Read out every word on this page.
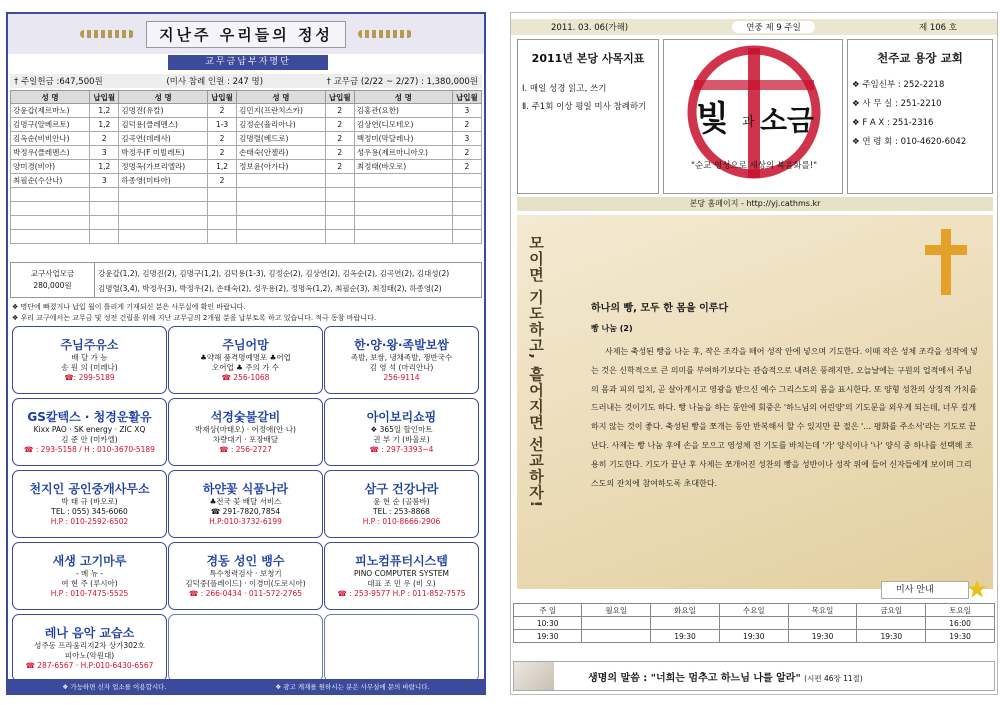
지난주 우리들의 정성
교무금납부자명단
† 주일헌금 :647,500원	(미사 참례 인원 : 247 명)	† 교무금 (2/22 ~ 2/27) : 1,380,000원
성 명	납입월	성 명	납입월	성 명	납입월	성 명	납입월
강윤갑(제르마노)	1,2	김명진(유칼)	2	김민지(프란치스카)	2	김홍관(요한)	3
김명구(알베르토)	1,2	김덕용(클레멘스)	1-3	김정순(율리아나)	2	김상연(디모테오)	2
김옥순(비비안나)	2	김곡연(데레사)	2	김명렬(베드로)	2	백정미(막달레나)	3
박정우(클레멘스)	3	박정우(F 미빌레트)	2	손태숙(안젤라)	2	성우용(제르마니아오)	2
양미경(비아)	1,2	정명옥(가브리엘라)	1,2	정보윤(아가다)	2	최정태(바오로)	2
최필순(수산나)	3	하종영(미타아)	2				

교구사업모금
280,000원
강윤갑(1,2), 김명진(2), 김명구(1,2), 김덕용(1-3), 김정순(2), 김상연(2), 김옥순(2), 김곡연(2), 김대성(2)
김명렬(3,4), 박정우(3), 박정우(2), 손태숙(2), 성우용(2), 정명옥(1,2), 최필순(3), 최정태(2), 하종영(2)
❖ 명단에 빠졌거나 납입 월이 틀리게 기재되신 분은 사무실에 확인 바랍니다.
❖ 우리 교구에서는 교무금 및 성전 건립을 위해 지난 교무금의 2개월 분을 납부토록 하고 있습니다. 적극 동참 바랍니다.
주님주유소
배 달 가 능
송 원 의 (미레나)
☎: 299-5189
주님어망
♣약해 품격명예명포 ♣어업
오어업 ♣ 주의 가 수
☎ 256-1068
한·양·왕·족발보쌈
족발, 보쌈, 냉채족발, 쟁반국수
김 영 석 (마리안나)
256-9114
GS칼텍스 · 청경운활유
Kixx PAO · SK energy · ZIC XQ
김 준 안 (미카엘)
☎ : 293-5158 / H : 010-3670-5189
석경숯불갈비
박재상(마태오) · 어정애(안 나)
차량대기 · 포장배달
☎ : 256-2727
아이보리쇼핑
❖ 365일 할인마트
권 부 기 (바울로)
☎ : 297-3393~4
천지인 공인중개사무소
박 태 규 (바오로)
TEL : 055) 345-6060
H.P : 010-2592-6502
하얀꽃 식품나라
♣전국 꽃 배달 서비스
☎ 291-7820,7854
H.P:010-3732-6199
삼구 건강나라
윤 현 순 (골롬바)
TEL : 253-8868
H.P : 010-8666-2906
새생 고기마루
- 메 뉴 -
여 현 주 (루시아)
H.P : 010-7475-5525
경동 성인 뱅수
특수청력검사 · 보청기
김덕중(플레이드) · 이경미(도로시아)
☎ : 266-0434 · 011-572-2765
피노컴퓨터시스템
PINO COMPUTER SYSTEM
대표 조 민 우 (비 오)
☎ : 253-9577 H.P : 011-852-7575
레나 음악 교습소
성주동 프라움리지2차 상가302호
피아노(악원대)
☎ 287-6567 · H.P:010-6430-6567
❖ 가능하면 신자 업소를 이용합시다.	❖ 광고 게재를 원하시는 분은 사무실에 문의 바랍니다.
2011. 03. 06(가해)	연중 제 9 주일	제 106 호
2011년 본당 사목지표

Ⅰ. 매일 성경 읽고, 쓰기

Ⅱ. 주1회 이상 평일 미사 참례하기 빛 과 소금
"순교 영성으로 세상의 복음화를!"
천주교 용장 교회

❖ 주임신부 : 252-2218

❖ 사 무 실 : 251-2210

❖ F A X : 251-2316

❖ 연 령 회 : 010-4620-6042

본당 홈페이지 - http://yj.cathms.kr
모이면 기도하고, 흩어지면 선교하자!	하나의 빵, 모두 한 몸을 이루다
빵 나눔 (2)
사제는 축성된 빵을 나눈 후, 작은 조각을 떼어 성작 안에 넣으며 기도한다. 이때 작은 성체 조각을 성작에 넣는 것은 신학적으로 큰 의미를 부여하기보다는 관습적으로 내려온 풍례지만, 오늘날에는 구원의 업적에서 주님의 몸과 피의 일치, 곧 살아계시고 영광을 받으신 예수 그리스도의 몸을 표시한다. 또 양형 성찬의 상징적 가치를 드러내는 것이기도 하다. 빵 나눔을 하는 동안에 회중은 '하느님의 어린양'의 기도문을 외우게 되는데, 너무 길게 하지 않는 것이 좋다. 축성된 빵을 쪼개는 동안 반복해서 할 수 있지만 끝 절은 '… 평화를 주소서'라는 기도로 끝난다. 사제는 빵 나눔 후에 손을 모으고 영성체 전 기도를 바치는데 '가' 양식이나 '나' 양식 중 하나를 선택해 조용히 기도한다. 기도가 끝난 후 사제는 쪼개어진 성찬의 빵을 성반이나 성작 위에 들어 신자들에게 보이며 그리스도의 잔치에 참여하도록 초대한다.
미사 안내
주 일	월요일	화요일	수요일	목요일	금요일	토요일
10:30						16:00
19:30		19:30	19:30	19:30	19:30	19:30
생명의 말씀 : "너희는 멈추고 하느님 나를 알라" (시편 46장 11절)
